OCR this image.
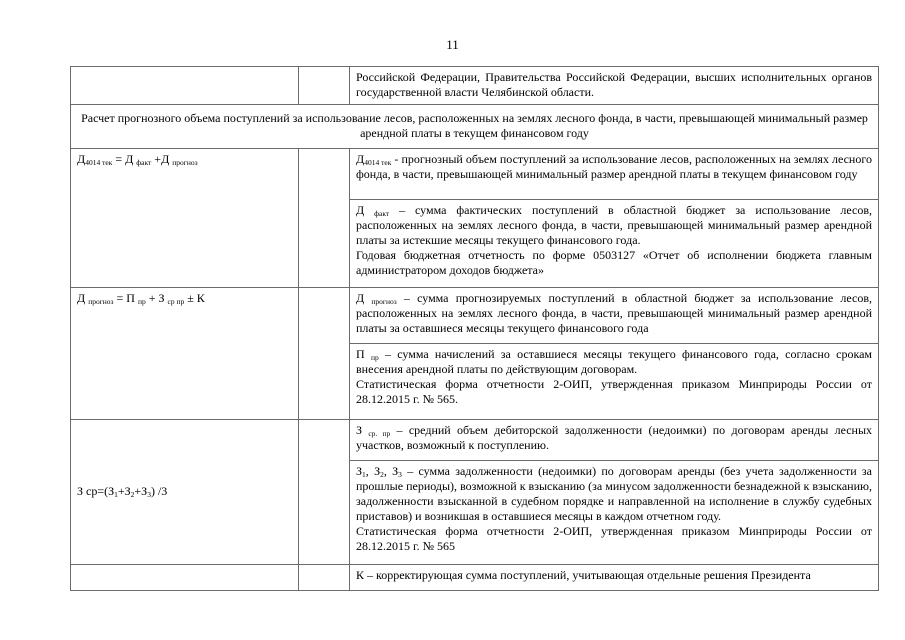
11
		Российской Федерации, Правительства Российской Федерации, высших исполнительных органов государственной власти Челябинской области.
Расчет прогнозного объема поступлений за использование лесов, расположенных на землях лесного фонда, в части, превышающей минимальный размер арендной платы в текущем финансовом году		
$Д_{4014 тек} = Д$ $_{факт}$ +Д $_{прогноз}$		$Д_{4014 тек}$ - прогнозный объем поступлений за использование лесов, расположенных на землях лесного фонда, в части, превышающей минимальный размер арендной платы в текущем финансовом году
		Д $_{факт}$ – сумма фактических поступлений в областной бюджет за использование лесов, расположенных на землях лесного фонда, в части, превышающей минимальный размер арендной платы за истекшие месяцы текущего финансового года.
Годовая бюджетная отчетность по форме 0503127 «Отчет об исполнении бюджета главным администратором доходов бюджета»
Д $_{прогноз}$ = П $_{пр}$ + З $_{ср пр}$ ± К		Д $_{прогноз}$ – сумма прогнозируемых поступлений в областной бюджет за использование лесов, расположенных на землях лесного фонда, в части, превышающей минимальный размер арендной платы за оставшиеся месяцы текущего финансового года
		П $_{пр}$ – сумма начислений за оставшиеся месяцы текущего финансового года, согласно срокам внесения арендной платы по действующим договорам.
Статистическая форма отчетности 2-ОИП, утвержденная приказом Минприроды России от 28.12.2015 г. № 565.
З $ср=(З_1+З_2+З_3)$ /3		З $_{ср. пр}$ – средний объем дебиторской задолженности (недоимки) по договорам аренды лесных участков, возможный к поступлению.
		$З_1$, $З_2$, $З_3$ – сумма задолженности (недоимки) по договорам аренды (без учета задолженности за прошлые периоды), возможной к взысканию (за минусом задолженности безнадежной к взысканию, задолженности взысканной в судебном порядке и направленной на исполнение в службу судебных приставов) и возникшая в оставшиеся месяцы в каждом отчетном году.
Статистическая форма отчетности 2-ОИП, утвержденная приказом Минприроды России от 28.12.2015 г. № 565
		К – корректирующая сумма поступлений, учитывающая отдельные решения Президента
